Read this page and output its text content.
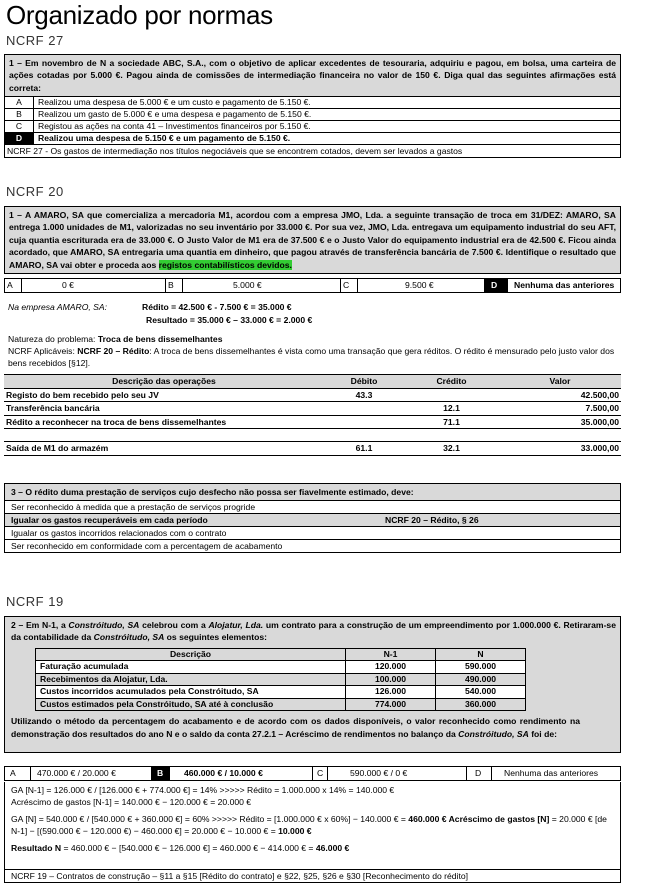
Organizado por normas
NCRF 27
1 – Em novembro de N a sociedade ABC, S.A., com o objetivo de aplicar excedentes de tesouraria, adquiriu e pagou, em bolsa, uma carteira de ações cotadas por 5.000 €. Pagou ainda de comissões de intermediação financeira no valor de 150 €. Diga qual das seguintes afirmações está correta:
A	Realizou uma despesa de 5.000 € e um custo e pagamento de 5.150 €.
B	Realizou um gasto de 5.000 € e uma despesa e pagamento de 5.150 €.
C	Registou as ações na conta 41 – Investimentos financeiros por 5.150 €.
D	Realizou uma despesa de 5.150 € e um pagamento de 5.150 €.
NCRF 27 - Os gastos de intermediação nos títulos negociáveis que se encontrem cotados, devem ser levados a gastos
NCRF 20
1 – A AMARO, SA que comercializa a mercadoria M1, acordou com a empresa JMO, Lda. a seguinte transação de troca em 31/DEZ: AMARO, SA entrega 1.000 unidades de M1, valorizadas no seu inventário por 33.000 €. Por sua vez, JMO, Lda. entregava um equipamento industrial do seu AFT, cuja quantia escriturada era de 33.000 €. O Justo Valor de M1 era de 37.500 € e o Justo Valor do equipamento industrial era de 42.500 €. Ficou ainda acordado, que AMARO, SA entregaria uma quantia em dinheiro, que pagou através de transferência bancária de 7.500 €. Identifique o resultado que AMARO, SA vai obter e proceda aos registos contabilísticos devidos.
A	0 €	B	5.000 €	C	9.500 €	D	Nenhuma das anteriores
Na empresa AMARO, SA:	Rédito = 42.500 € - 7.500 € = 35.000 €
Resultado = 35.000 € – 33.000 € = 2.000 €
Natureza do problema: Troca de bens dissemelhantes
NCRF Aplicáveis: NCRF 20 – Rédito: A troca de bens dissemelhantes é vista como uma transação que gera réditos. O rédito é mensurado pelo justo valor dos bens recebidos [§12].
Descrição das operações	Débito	Crédito	Valor
Registo do bem recebido pelo seu JV	43.3		42.500,00
Transferência bancária		12.1	7.500,00
Rédito a reconhecer na troca de bens dissemelhantes		71.1	35.000,00

Saída de M1 do armazém	61.1	32.1	33.000,00
3 – O rédito duma prestação de serviços cujo desfecho não possa ser fiavelmente estimado, deve:
Ser reconhecido à medida que a prestação de serviços progride
Igualar os gastos recuperáveis em cada período	NCRF 20 – Rédito, § 26
Igualar os gastos incorridos relacionados com o contrato
Ser reconhecido em conformidade com a percentagem de acabamento
NCRF 19
2 – Em N-1, a Constróitudo, SA celebrou com a Alojatur, Lda. um contrato para a construção de um empreendimento por 1.000.000 €. Retiraram-se da contabilidade da Constróitudo, SA os seguintes elementos:
Descrição	N-1	N
Faturação acumulada	120.000	590.000
Recebimentos da Alojatur, Lda.	100.000	490.000
Custos incorridos acumulados pela Constróitudo, SA	126.000	540.000
Custos estimados pela Constróitudo, SA até à conclusão	774.000	360.000
Utilizando o método da percentagem do acabamento e de acordo com os dados disponíveis, o valor reconhecido como rendimento na demonstração dos resultados do ano N e o saldo da conta 27.2.1 – Acréscimo de rendimentos no balanço da Constróitudo, SA foi de:
A	470.000 € / 20.000 €	B	460.000 € / 10.000 €	C	590.000 € / 0 €	D	Nenhuma das anteriores
GA [N-1] = 126.000 € / [126.000 € + 774.000 €] = 14% >>>>> Rédito = 1.000.000 x 14% = 140.000 €
Acréscimo de gastos [N-1] = 140.000 € − 120.000 € = 20.000 €
GA [N] = 540.000 € / [540.000 € + 360.000 €] = 60% >>>>> Rédito = [1.000.000 € x 60%] − 140.000 € = 460.000 € Acréscimo de gastos [N] = 20.000 € [de N-1] − [(590.000 € − 120.000 €) − 460.000 €] = 20.000 € − 10.000 € = 10.000 €
Resultado N = 460.000 € − [540.000 € − 126.000 €] = 460.000 € − 414.000 € = 46.000 €
NCRF 19 – Contratos de construção – §11 a §15 [Rédito do contrato] e §22, §25, §26 e §30 [Reconhecimento do rédito]
